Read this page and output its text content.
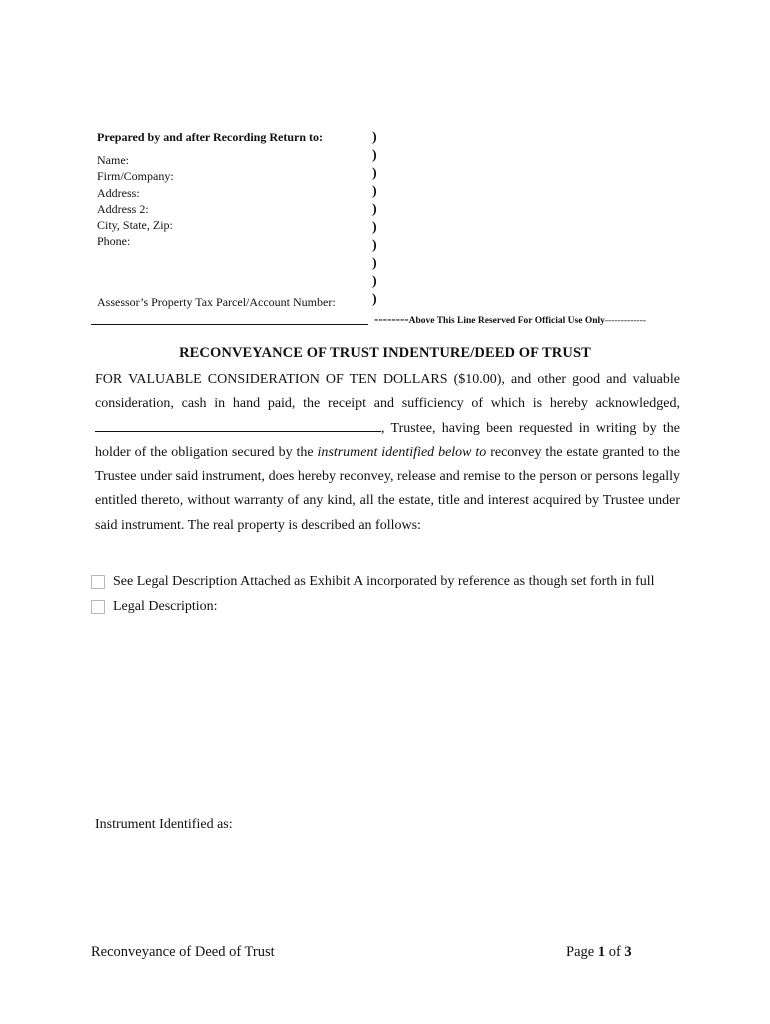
Prepared by and after Recording Return to:
Name:
Firm/Company:
Address:
Address 2:
City, State, Zip:
Phone:
Assessor’s Property Tax Parcel/Account Number:
)
)
)
)
)
)
)
)
)
)
--------Above This Line Reserved For Official Use Only-------------
RECONVEYANCE OF TRUST INDENTURE/DEED OF TRUST

FOR VALUABLE CONSIDERATION OF TEN DOLLARS ($10.00), and other good and valuable consideration, cash in hand paid, the receipt and sufficiency of which is hereby acknowledged, , Trustee, having been requested in writing by the holder of the obligation secured by the instrument identified below to reconvey the estate granted to the Trustee under said instrument, does hereby reconvey, release and remise to the person or persons legally entitled thereto, without warranty of any kind, all the estate, title and interest acquired by Trustee under said instrument. The real property is described an follows:

See Legal Description Attached as Exhibit A incorporated by reference as though set forth in full
Legal Description:
Instrument Identified as:
Reconveyance of Deed of Trust	Page 1 of 3
